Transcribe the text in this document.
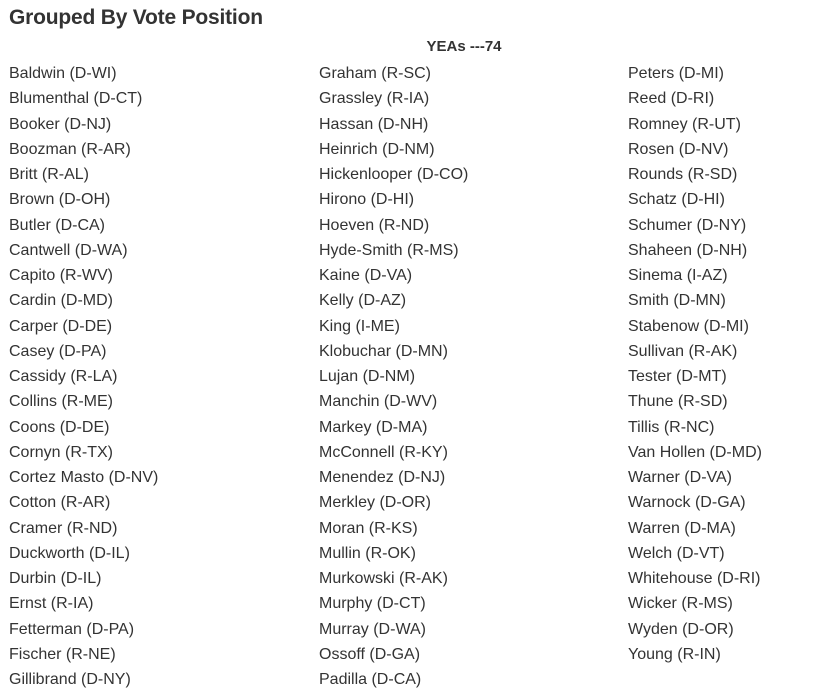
Grouped By Vote Position
YEAs ---74
Baldwin (D-WI)
Blumenthal (D-CT)
Booker (D-NJ)
Boozman (R-AR)
Britt (R-AL)
Brown (D-OH)
Butler (D-CA)
Cantwell (D-WA)
Capito (R-WV)
Cardin (D-MD)
Carper (D-DE)
Casey (D-PA)
Cassidy (R-LA)
Collins (R-ME)
Coons (D-DE)
Cornyn (R-TX)
Cortez Masto (D-NV)
Cotton (R-AR)
Cramer (R-ND)
Duckworth (D-IL)
Durbin (D-IL)
Ernst (R-IA)
Fetterman (D-PA)
Fischer (R-NE)
Gillibrand (D-NY)
Graham (R-SC)
Grassley (R-IA)
Hassan (D-NH)
Heinrich (D-NM)
Hickenlooper (D-CO)
Hirono (D-HI)
Hoeven (R-ND)
Hyde-Smith (R-MS)
Kaine (D-VA)
Kelly (D-AZ)
King (I-ME)
Klobuchar (D-MN)
Lujan (D-NM)
Manchin (D-WV)
Markey (D-MA)
McConnell (R-KY)
Menendez (D-NJ)
Merkley (D-OR)
Moran (R-KS)
Mullin (R-OK)
Murkowski (R-AK)
Murphy (D-CT)
Murray (D-WA)
Ossoff (D-GA)
Padilla (D-CA)
Peters (D-MI)
Reed (D-RI)
Romney (R-UT)
Rosen (D-NV)
Rounds (R-SD)
Schatz (D-HI)
Schumer (D-NY)
Shaheen (D-NH)
Sinema (I-AZ)
Smith (D-MN)
Stabenow (D-MI)
Sullivan (R-AK)
Tester (D-MT)
Thune (R-SD)
Tillis (R-NC)
Van Hollen (D-MD)
Warner (D-VA)
Warnock (D-GA)
Warren (D-MA)
Welch (D-VT)
Whitehouse (D-RI)
Wicker (R-MS)
Wyden (D-OR)
Young (R-IN)
